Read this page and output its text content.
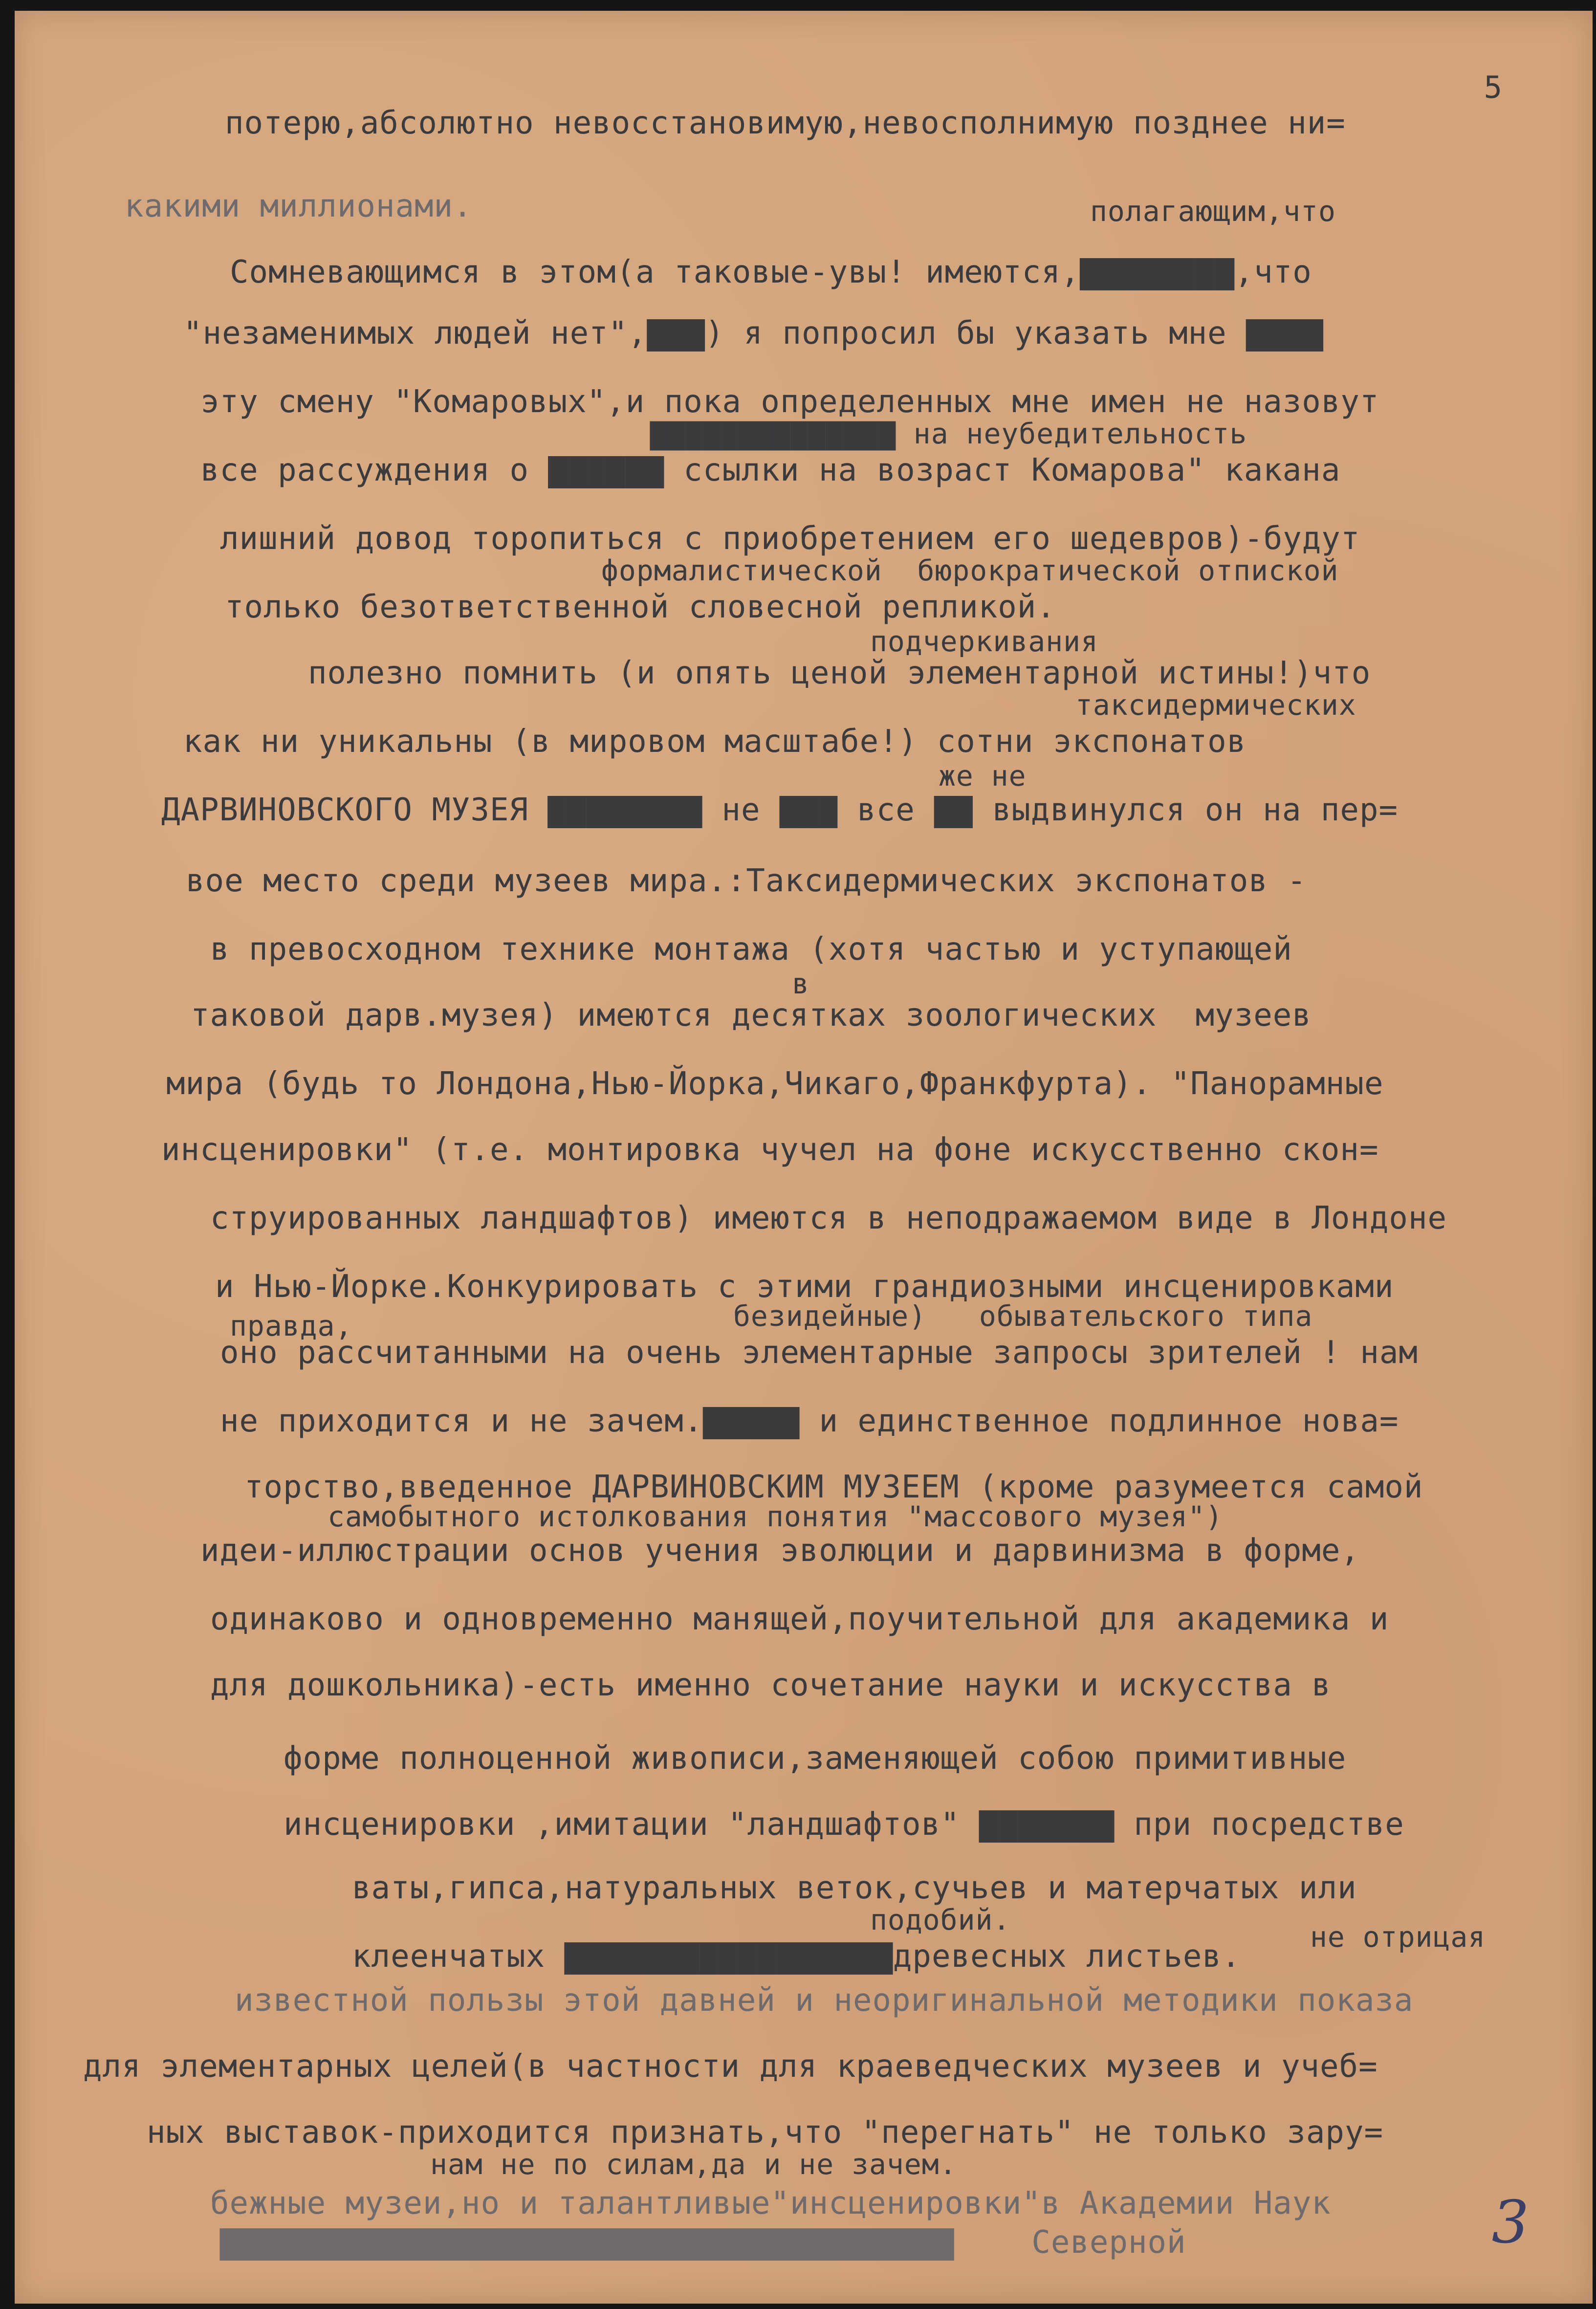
5

потерю,абсолютно невосстановимую,невосполнимую позднее ни=

какими миллионами.	полагающим,что

Сомневающимся в этом(а таковые-увы! имеются,▇▇▇▇▇▇▇▇,что

"незаменимых людей нет",▇▇▇) я попросил бы указать мне ▇▇▇▇

эту смену "Комаровых",и пока определенных мне имен не назовут

▇▇▇▇▇▇▇▇▇▇▇▇▇▇ на неубедительность

все рассуждения о ▇▇▇▇▇▇ ссылки на возраст Комарова" какана

лишний довод торопиться с приобретением его шедевров)-будут

формалистической  бюрократической отпиской

только безответственной словесной репликой.

подчеркивания

полезно помнить (и опять ценой элементарной истины!)что

таксидермических

как ни уникальны (в мировом масштабе!) сотни экспонатов

же не

ДАРВИНОВСКОГО МУЗЕЯ ▇▇▇▇▇▇▇▇ не ▇▇▇ все ▇▇ выдвинулся он на пер=

вое место среди музеев мира.:Таксидермических экспонатов -

в превосходном технике монтажа (хотя частью и уступающей

в

таковой дарв.музея) имеются десятках зоологических  музеев

мира (будь то Лондона,Нью-Йорка,Чикаго,Франкфурта). "Панорамные

инсценировки" (т.е. монтировка чучел на фоне искусственно скон=

струированных ландшафтов) имеются в неподражаемом виде в Лондоне

и Нью-Йорке.Конкурировать с этими грандиозными инсценировками

правда,	безидейные)   обывательского типа

оно рассчитанными на очень элементарные запросы зрителей ! нам

не приходится и не зачем.▇▇▇▇▇ и единственное подлинное нова=

торство,введенное ДАРВИНОВСКИМ МУЗЕЕМ (кроме разумеется самой

самобытного истолкования понятия "массового музея")

идеи-иллюстрации основ учения эволюции и дарвинизма в форме,

одинаково и одновременно манящей,поучительной для академика и

для дошкольника)-есть именно сочетание науки и искусства в

форме полноценной живописи,заменяющей собою примитивные

инсценировки ,имитации "ландшафтов" ▇▇▇▇▇▇▇ при посредстве

ваты,гипса,натуральных веток,сучьев и матерчатых или

подобий.

не отрицая

клеенчатых ▇▇▇▇▇▇▇▇▇▇▇▇▇▇▇▇▇древесных листьев.

известной пользы этой давней и неоригинальной методики показа

для элементарных целей(в частности для краеведческих музеев и учеб=

ных выставок-приходится признать,что "перегнать" не только зару=

нам не по силам,да и не зачем.

бежные музеи,но и талантливые"инсценировки"в Академии Наук

▇▇▇▇▇▇▇▇▇▇▇▇▇▇▇▇▇▇▇▇▇▇▇▇▇▇▇▇▇▇▇▇▇▇▇▇▇▇    Северной	3
